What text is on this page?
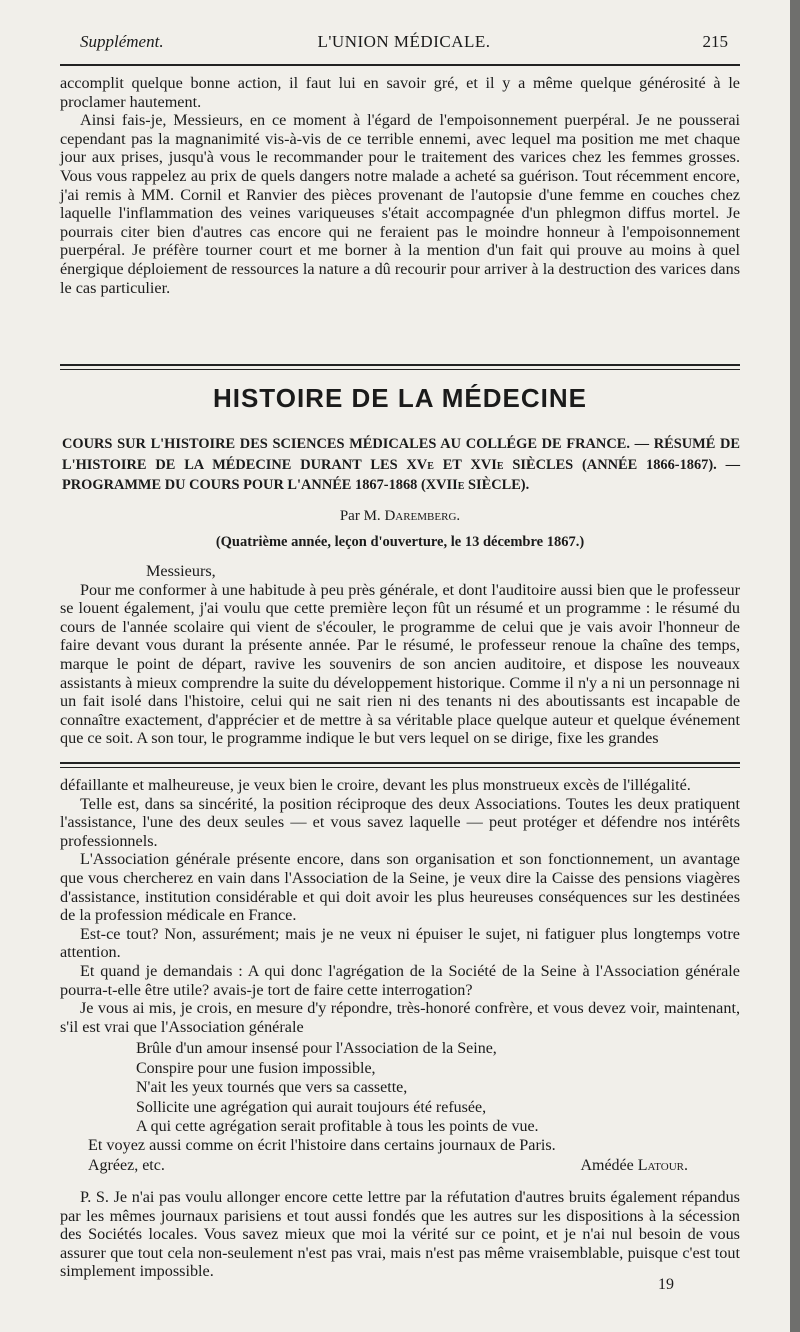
Supplément.	L'UNION MÉDICALE.	215

accomplit quelque bonne action, il faut lui en savoir gré, et il y a même quelque générosité à le proclamer hautement.

Ainsi fais-je, Messieurs, en ce moment à l'égard de l'empoisonnement puerpéral. Je ne pousserai cependant pas la magnanimité vis-à-vis de ce terrible ennemi, avec lequel ma position me met chaque jour aux prises, jusqu'à vous le recommander pour le traitement des varices chez les femmes grosses. Vous vous rappelez au prix de quels dangers notre malade a acheté sa guérison. Tout récemment encore, j'ai remis à MM. Cornil et Ranvier des pièces provenant de l'autopsie d'une femme en couches chez laquelle l'inflammation des veines variqueuses s'était accompagnée d'un phlegmon diffus mortel. Je pourrais citer bien d'autres cas encore qui ne feraient pas le moindre honneur à l'empoisonnement puerpéral. Je préfère tourner court et me borner à la mention d'un fait qui prouve au moins à quel énergique déploiement de ressources la nature a dû recourir pour arriver à la destruction des varices dans le cas particulier.

HISTOIRE DE LA MÉDECINE
COURS SUR L'HISTOIRE DES SCIENCES MÉDICALES AU COLLÉGE DE FRANCE. — RÉSUMÉ DE L'HISTOIRE DE LA MÉDECINE DURANT LES XVe ET XVIe SIÈCLES (ANNÉE 1866-1867). — PROGRAMME DU COURS POUR L'ANNÉE 1867-1868 (XVIIe SIÈCLE).
Par M. Daremberg.
(Quatrième année, leçon d'ouverture, le 13 décembre 1867.)

Messieurs,

Pour me conformer à une habitude à peu près générale, et dont l'auditoire aussi bien que le professeur se louent également, j'ai voulu que cette première leçon fût un résumé et un programme : le résumé du cours de l'année scolaire qui vient de s'écouler, le programme de celui que je vais avoir l'honneur de faire devant vous durant la présente année. Par le résumé, le professeur renoue la chaîne des temps, marque le point de départ, ravive les souvenirs de son ancien auditoire, et dispose les nouveaux assistants à mieux comprendre la suite du développement historique. Comme il n'y a ni un personnage ni un fait isolé dans l'histoire, celui qui ne sait rien ni des tenants ni des aboutissants est incapable de connaître exactement, d'apprécier et de mettre à sa véritable place quelque auteur et quelque événement que ce soit. A son tour, le programme indique le but vers lequel on se dirige, fixe les grandes

défaillante et malheureuse, je veux bien le croire, devant les plus monstrueux excès de l'illégalité.

Telle est, dans sa sincérité, la position réciproque des deux Associations. Toutes les deux pratiquent l'assistance, l'une des deux seules — et vous savez laquelle — peut protéger et défendre nos intérêts professionnels.

L'Association générale présente encore, dans son organisation et son fonctionnement, un avantage que vous chercherez en vain dans l'Association de la Seine, je veux dire la Caisse des pensions viagères d'assistance, institution considérable et qui doit avoir les plus heureuses conséquences sur les destinées de la profession médicale en France.

Est-ce tout? Non, assurément; mais je ne veux ni épuiser le sujet, ni fatiguer plus longtemps votre attention.

Et quand je demandais : A qui donc l'agrégation de la Société de la Seine à l'Association générale pourra-t-elle être utile? avais-je tort de faire cette interrogation?

Je vous ai mis, je crois, en mesure d'y répondre, très-honoré confrère, et vous devez voir, maintenant, s'il est vrai que l'Association générale

Brûle d'un amour insensé pour l'Association de la Seine,

Conspire pour une fusion impossible,

N'ait les yeux tournés que vers sa cassette,

Sollicite une agrégation qui aurait toujours été refusée,

A qui cette agrégation serait profitable à tous les points de vue.

Et voyez aussi comme on écrit l'histoire dans certains journaux de Paris.

Agréez, etc.	Amédée Latour.

P. S. Je n'ai pas voulu allonger encore cette lettre par la réfutation d'autres bruits également répandus par les mêmes journaux parisiens et tout aussi fondés que les autres sur les dispositions à la sécession des Sociétés locales. Vous savez mieux que moi la vérité sur ce point, et je n'ai nul besoin de vous assurer que tout cela non-seulement n'est pas vrai, mais n'est pas même vraisemblable, puisque c'est tout simplement impossible.

19
